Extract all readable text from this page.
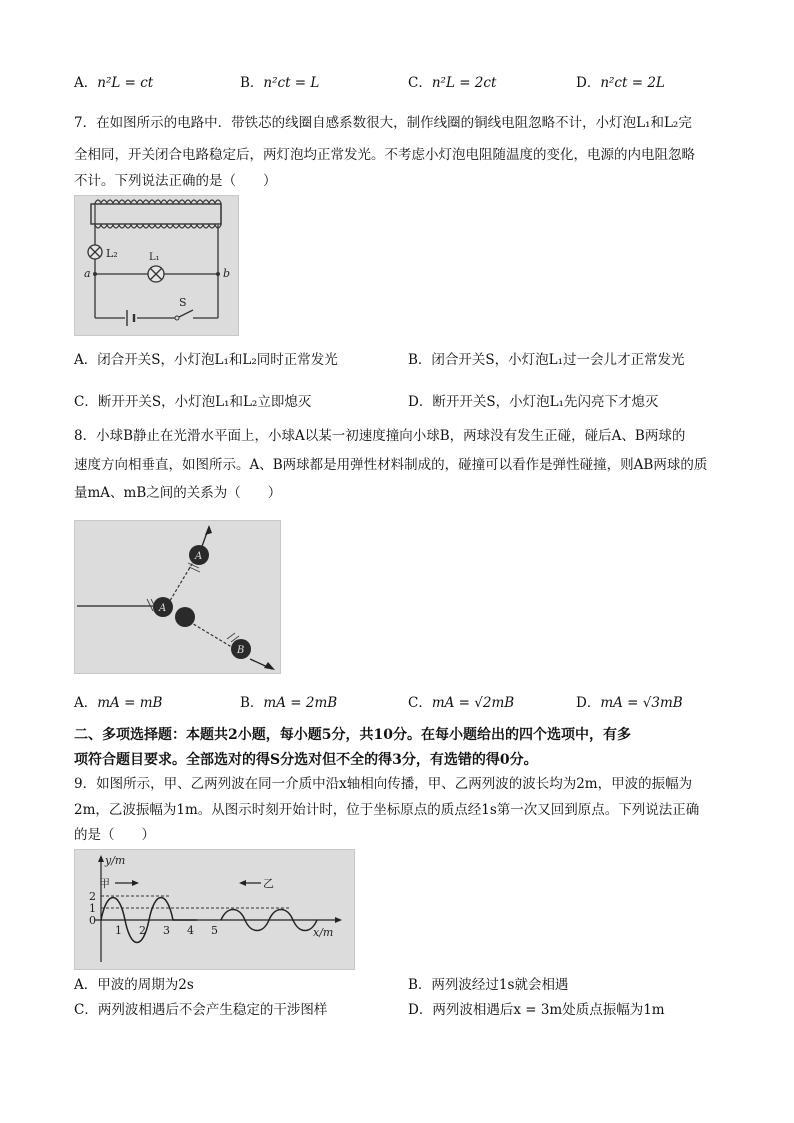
A．n²L = ct	B．n²ct = L	C．n²L = 2ct	D．n²ct = 2L
7．在如图所示的电路中．带铁芯的线圈自感系数很大，制作线圈的铜线电阻忽略不计，小灯泡L₁和L₂完
全相同，开关闭合电路稳定后，两灯泡均正常发光。不考虑小灯泡电阻随温度的变化，电源的内电阻忽略
不计。下列说法正确的是（　　）
L₂	L₁
a	b
S
A．闭合开关S，小灯泡L₁和L₂同时正常发光	B．闭合开关S，小灯泡L₁过一会儿才正常发光
C．断开开关S，小灯泡L₁和L₂立即熄灭	D．断开开关S，小灯泡L₁先闪亮下才熄灭
8．小球B静止在光滑水平面上，小球A以某一初速度撞向小球B，两球没有发生正碰，碰后A、B两球的
速度方向相垂直，如图所示。A、B两球都是用弹性材料制成的，碰撞可以看作是弹性碰撞，则AB两球的质
量mA、mB之间的关系为（　　）
A
A
B
A．mA = mB	B．mA = 2mB	C．mA = √2mB	D．mA = √3mB
二、多项选择题：本题共2小题，每小题5分，共10分。在每小题给出的四个选项中，有多
项符合题目要求。全部选对的得S分选对但不全的得3分，有选错的得0分。
9．如图所示，甲、乙两列波在同一介质中沿x轴相向传播，甲、乙两列波的波长均为2m，甲波的振幅为
2m，乙波振幅为1m。从图示时刻开始计时，位于坐标原点的质点经1s第一次又回到原点。下列说法正确
的是（　　）
y/m
x/m
甲	乙
2
1
0
1 2 3 4 5
A．甲波的周期为2s	B．两列波经过1s就会相遇
C．两列波相遇后不会产生稳定的干涉图样	D．两列波相遇后x = 3m处质点振幅为1m
